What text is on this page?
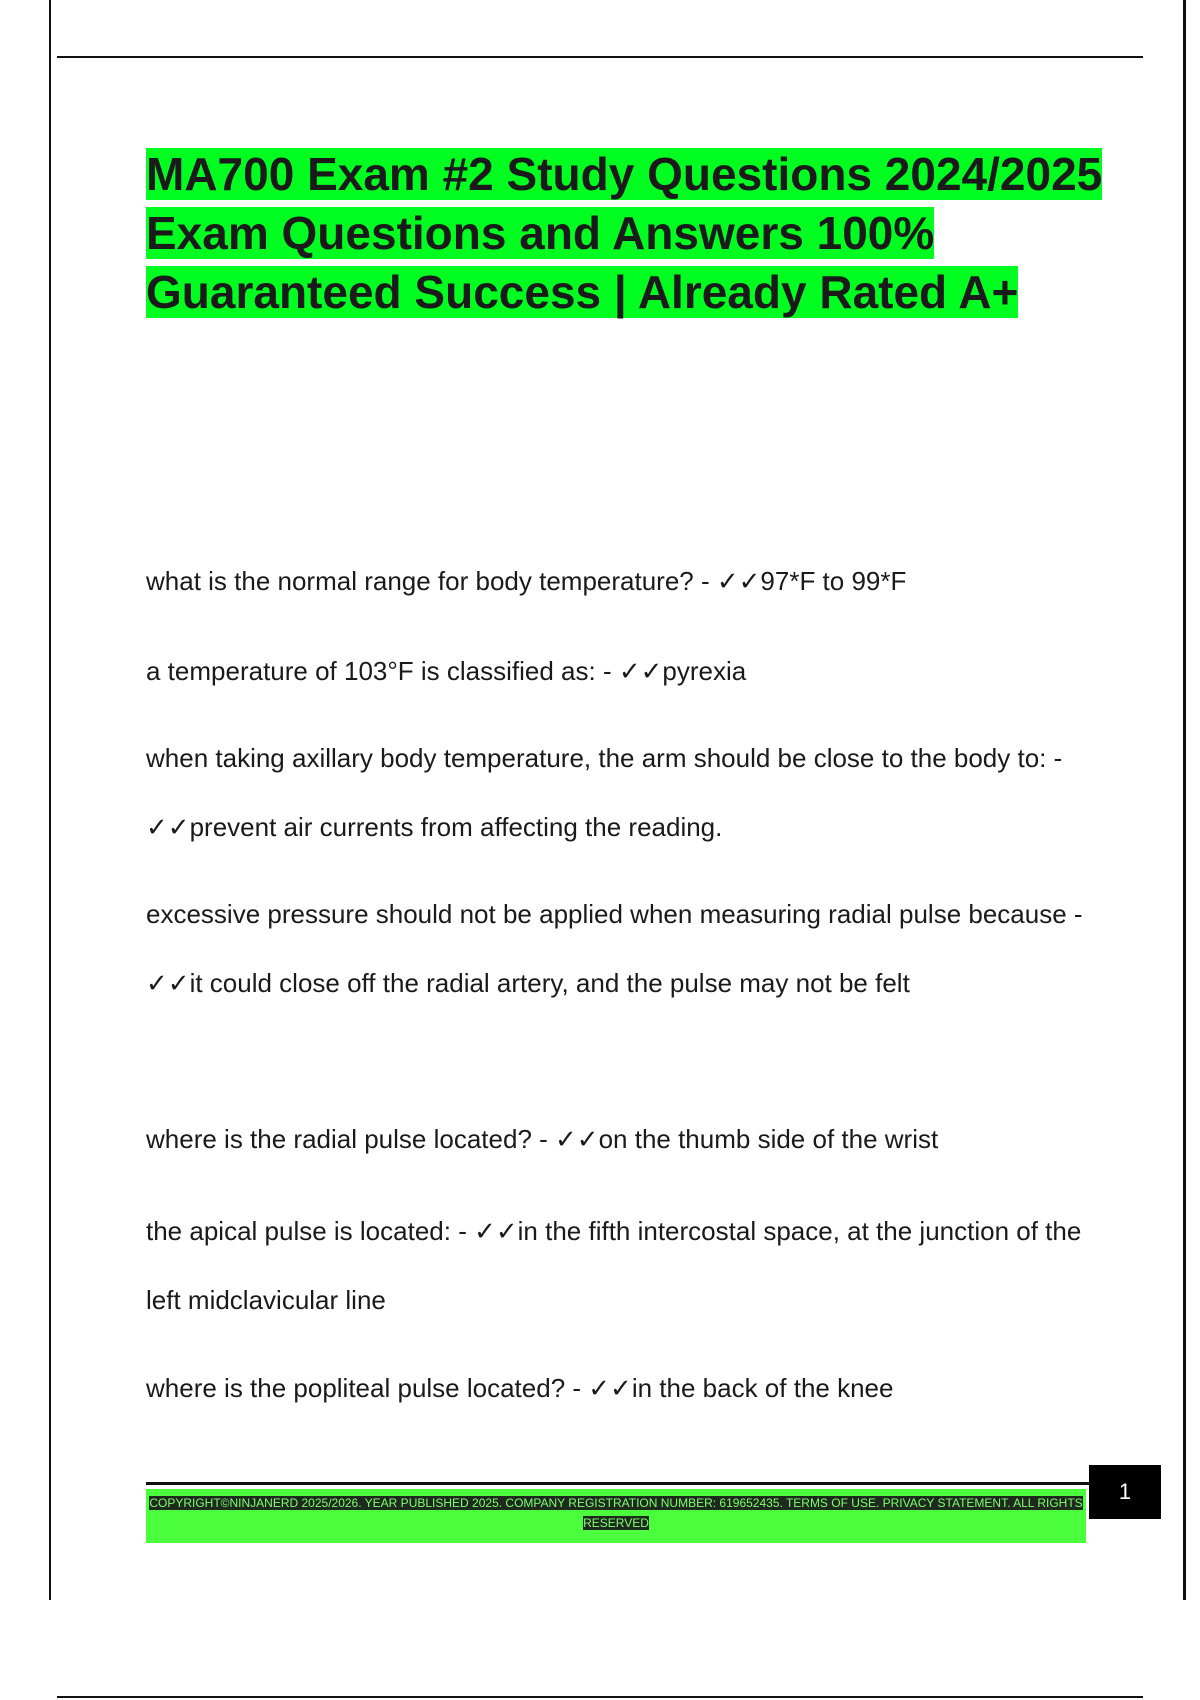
MA700 Exam #2 Study Questions 2024/2025 Exam Questions and Answers 100% Guaranteed Success | Already Rated A+

what is the normal range for body temperature? - ✓✓97*F to 99*F

a temperature of 103°F is classified as: - ✓✓pyrexia

when taking axillary body temperature, the arm should be close to the body to: - ✓✓prevent air currents from affecting the reading.

excessive pressure should not be applied when measuring radial pulse because - ✓✓it could close off the radial artery, and the pulse may not be felt

where is the radial pulse located? - ✓✓on the thumb side of the wrist

the apical pulse is located: - ✓✓in the fifth intercostal space, at the junction of the left midclavicular line

where is the popliteal pulse located? - ✓✓in the back of the knee

COPYRIGHT©NINJANERD 2025/2026. YEAR PUBLISHED 2025. COMPANY REGISTRATION NUMBER: 619652435. TERMS OF USE. PRIVACY STATEMENT. ALL RIGHTS RESERVED
1
